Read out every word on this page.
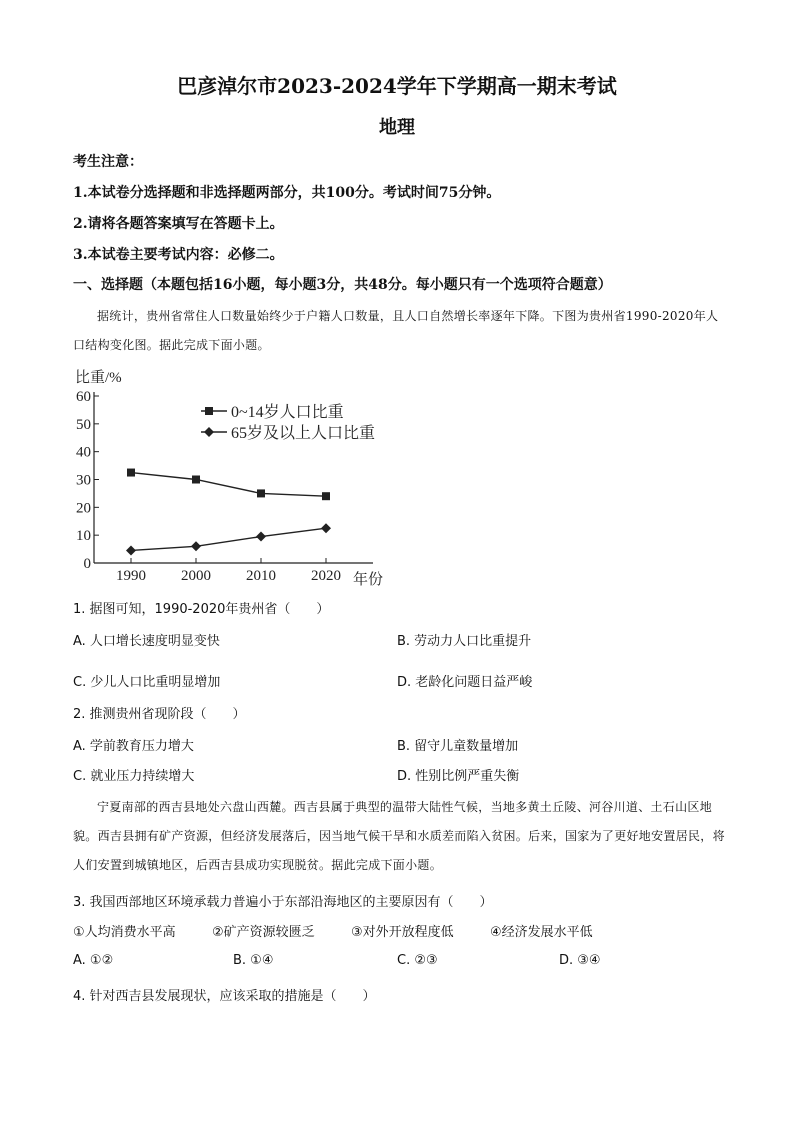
巴彦淖尔市2023-2024学年下学期高一期末考试
地理
考生注意：
1.本试卷分选择题和非选择题两部分，共100分。考试时间75分钟。
2.请将各题答案填写在答题卡上。
3.本试卷主要考试内容：必修二。
一、选择题（本题包括16小题，每小题3分，共48分。每小题只有一个选项符合题意）
据统计，贵州省常住人口数量始终少于户籍人口数量，且人口自然增长率逐年下降。下图为贵州省1990-2020年人口结构变化图。据此完成下面小题。
0
10
20
30
40
50
60
1990 2000 2010 2020
比重/%
年份
0~14岁人口比重
65岁及以上人口比重
1. 据图可知，1990-2020年贵州省（　　）
A. 人口增长速度明显变快	B. 劳动力人口比重提升
C. 少儿人口比重明显增加	D. 老龄化问题日益严峻
2. 推测贵州省现阶段（　　）
A. 学前教育压力增大	B. 留守儿童数量增加
C. 就业压力持续增大	D. 性别比例严重失衡
宁夏南部的西吉县地处六盘山西麓。西吉县属于典型的温带大陆性气候，当地多黄土丘陵、河谷川道、土石山区地貌。西吉县拥有矿产资源，但经济发展落后，因当地气候干旱和水质差而陷入贫困。后来，国家为了更好地安置居民，将人们安置到城镇地区，后西吉县成功实现脱贫。据此完成下面小题。
3. 我国西部地区环境承载力普遍小于东部沿海地区的主要原因有（　　）
①人均消费水平高	②矿产资源较匮乏	③对外开放程度低	④经济发展水平低
A. ①②	B. ①④	C. ②③	D. ③④
4. 针对西吉县发展现状，应该采取的措施是（　　）
